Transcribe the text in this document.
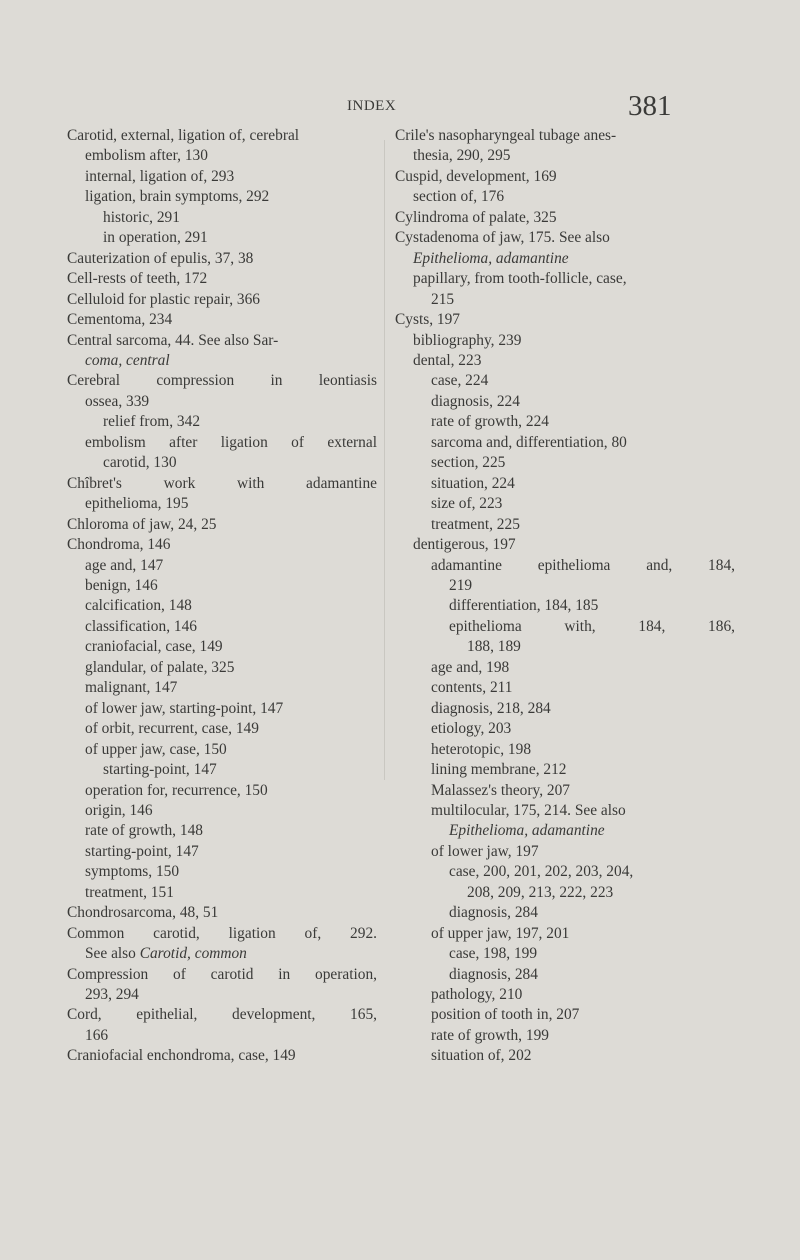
INDEX	381
Carotid, external, ligation of, cerebral
embolism after, 130
internal, ligation of, 293
ligation, brain symptoms, 292
historic, 291
in operation, 291
Cauterization of epulis, 37, 38
Cell-rests of teeth, 172
Celluloid for plastic repair, 366
Cementoma, 234
Central sarcoma, 44. See also Sar-
coma, central
Cerebral compression in leontiasis
ossea, 339
relief from, 342
embolism after ligation of external
carotid, 130
Chîbret's work with adamantine
epithelioma, 195
Chloroma of jaw, 24, 25
Chondroma, 146
age and, 147
benign, 146
calcification, 148
classification, 146
craniofacial, case, 149
glandular, of palate, 325
malignant, 147
of lower jaw, starting-point, 147
of orbit, recurrent, case, 149
of upper jaw, case, 150
starting-point, 147
operation for, recurrence, 150
origin, 146
rate of growth, 148
starting-point, 147
symptoms, 150
treatment, 151
Chondrosarcoma, 48, 51
Common carotid, ligation of, 292.
See also Carotid, common
Compression of carotid in operation,
293, 294
Cord, epithelial, development, 165,
166
Craniofacial enchondroma, case, 149
Crile's nasopharyngeal tubage anes-
thesia, 290, 295
Cuspid, development, 169
section of, 176
Cylindroma of palate, 325
Cystadenoma of jaw, 175. See also
Epithelioma, adamantine
papillary, from tooth-follicle, case,
215
Cysts, 197
bibliography, 239
dental, 223
case, 224
diagnosis, 224
rate of growth, 224
sarcoma and, differentiation, 80
section, 225
situation, 224
size of, 223
treatment, 225
dentigerous, 197
adamantine epithelioma and, 184,
219
differentiation, 184, 185
epithelioma with, 184, 186,
188, 189
age and, 198
contents, 211
diagnosis, 218, 284
etiology, 203
heterotopic, 198
lining membrane, 212
Malassez's theory, 207
multilocular, 175, 214. See also
Epithelioma, adamantine
of lower jaw, 197
case, 200, 201, 202, 203, 204,
208, 209, 213, 222, 223
diagnosis, 284
of upper jaw, 197, 201
case, 198, 199
diagnosis, 284
pathology, 210
position of tooth in, 207
rate of growth, 199
situation of, 202
